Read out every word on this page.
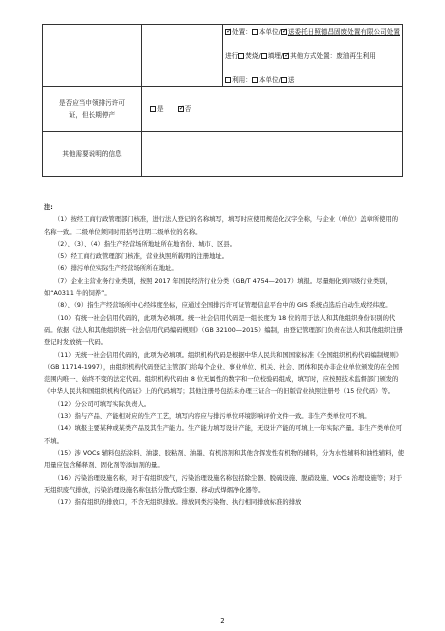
✓处置： 本单位/ ✓ 送委托日照德昌固废处置有限公司处置
进行 焚烧/ 填埋/ ✓ 其他方式处置：废油再生利用
利用： 本单位/ 送

是否应当申领排污许可证，但长期停产	是 ✓ 否
其他需要说明的信息		

注:

（1）按经工商行政管理部门核准，进行法人登记的名称填写，填写时应使用规范化汉字全称，与企业（单位）盖章所使用的名称一致。二级单位须同时用括号注明二级单位的名称。

（2）、（3）、（4）指生产经营场所地址所在地省份、城市、区县。

（5）经工商行政管理部门核准，营业执照所载明的注册地址。

（6）排污单位实际生产经营场所所在地址。

（7）企业主营业务行业类别，按照 2017 年国民经济行业分类（GB/T 4754—2017）填报。尽量细化到四级行业类别，如“A0311 牛的饲养”。

（8）、（9）指生产经营场所中心经纬度坐标，应通过全国排污许可证管理信息平台中的 GIS 系统点选后自动生成经纬度。

（10）有统一社会信用代码的，此项为必填项。统一社会信用代码是一组长度为 18 位的用于法人和其他组织身份识别的代码。依据《法人和其他组织统一社会信用代码编码规则》（GB 32100—2015）编制，由登记管理部门负责在法人和其他组织注册登记时发放统一代码。

（11）无统一社会信用代码的，此项为必填项。组织机构代码是根据中华人民共和国国家标准《全国组织机构代码编制规则》（GB 11714-1997），由组织机构代码登记主管部门给每个企业、事业单位、机关、社会、团体和民办非企业单位颁发的在全国范围内唯一、始终不变的法定代码。组织机构代码由 8 位无属性的数字和一位校验码组成，填写时，应按照技术监督部门颁发的《中华人民共和国组织机构代码证》上的代码填写；其他注册号包括未办理三证合一的旧版营业执照注册号（15 位代码）等。

（12）分公司可填写实际负责人。

（13）指与产品、产能相对应的生产工艺，填写内容应与排污单位环境影响评价文件一致。非生产类单位可不填。

（14）填报主要某种或某类产品及其生产能力。生产能力填写设计产能，无设计产能的可填上一年实际产量。非生产类单位可不填。

（15）涉 VOCs 辅料包括涂料、油漆、胶粘剂、油墨、有机溶剂和其他含挥发性有机物的辅料，分为水性辅料和油性辅料，使用量应包含稀释剂、固化剂等添加剂的量。

（16）污染治理设施名称，对于有组织废气，污染治理设施名称包括除尘器、脱硫设施、脱硝设施、VOCs 治理设施等；对于无组织废气排放，污染治理设施名称包括分散式除尘器、移动式焊烟净化器等。

（17）指有组织的排放口，不含无组织排放。排放同类污染物、执行相同排放标准的排放

2
